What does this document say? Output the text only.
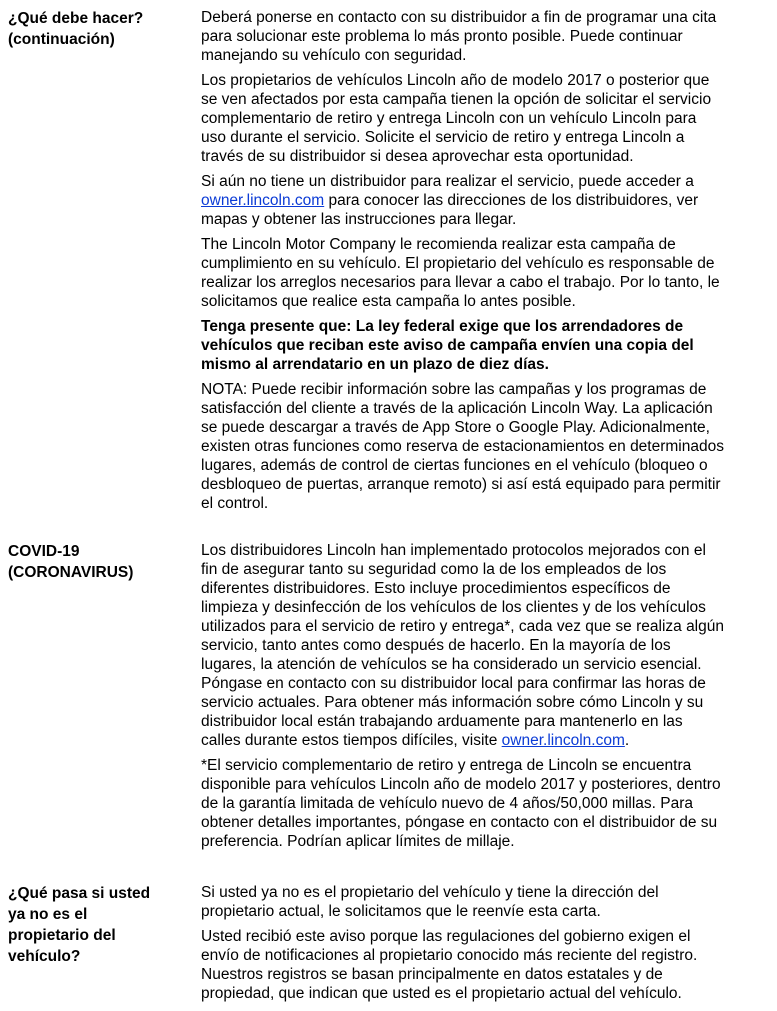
¿Qué debe hacer?
(continuación)

Deberá ponerse en contacto con su distribuidor a fin de programar una cita
para solucionar este problema lo más pronto posible. Puede continuar
manejando su vehículo con seguridad.

Los propietarios de vehículos Lincoln año de modelo 2017 o posterior que
se ven afectados por esta campaña tienen la opción de solicitar el servicio
complementario de retiro y entrega Lincoln con un vehículo Lincoln para
uso durante el servicio. Solicite el servicio de retiro y entrega Lincoln a
través de su distribuidor si desea aprovechar esta oportunidad.

Si aún no tiene un distribuidor para realizar el servicio, puede acceder a
owner.lincoln.com para conocer las direcciones de los distribuidores, ver
mapas y obtener las instrucciones para llegar.

The Lincoln Motor Company le recomienda realizar esta campaña de
cumplimiento en su vehículo. El propietario del vehículo es responsable de
realizar los arreglos necesarios para llevar a cabo el trabajo. Por lo tanto, le
solicitamos que realice esta campaña lo antes posible.

Tenga presente que: La ley federal exige que los arrendadores de
vehículos que reciban este aviso de campaña envíen una copia del
mismo al arrendatario en un plazo de diez días.

NOTA: Puede recibir información sobre las campañas y los programas de
satisfacción del cliente a través de la aplicación Lincoln Way. La aplicación
se puede descargar a través de App Store o Google Play. Adicionalmente,
existen otras funciones como reserva de estacionamientos en determinados
lugares, además de control de ciertas funciones en el vehículo (bloqueo o
desbloqueo de puertas, arranque remoto) si así está equipado para permitir
el control.

COVID-19
(CORONAVIRUS)

Los distribuidores Lincoln han implementado protocolos mejorados con el
fin de asegurar tanto su seguridad como la de los empleados de los
diferentes distribuidores. Esto incluye procedimientos específicos de
limpieza y desinfección de los vehículos de los clientes y de los vehículos
utilizados para el servicio de retiro y entrega*, cada vez que se realiza algún
servicio, tanto antes como después de hacerlo. En la mayoría de los
lugares, la atención de vehículos se ha considerado un servicio esencial.
Póngase en contacto con su distribuidor local para confirmar las horas de
servicio actuales. Para obtener más información sobre cómo Lincoln y su
distribuidor local están trabajando arduamente para mantenerlo en las
calles durante estos tiempos difíciles, visite owner.lincoln.com.

*El servicio complementario de retiro y entrega de Lincoln se encuentra
disponible para vehículos Lincoln año de modelo 2017 y posteriores, dentro
de la garantía limitada de vehículo nuevo de 4 años/50,000 millas. Para
obtener detalles importantes, póngase en contacto con el distribuidor de su
preferencia. Podrían aplicar límites de millaje.

¿Qué pasa si usted
ya no es el
propietario del
vehículo?

Si usted ya no es el propietario del vehículo y tiene la dirección del
propietario actual, le solicitamos que le reenvíe esta carta.

Usted recibió este aviso porque las regulaciones del gobierno exigen el
envío de notificaciones al propietario conocido más reciente del registro.
Nuestros registros se basan principalmente en datos estatales y de
propiedad, que indican que usted es el propietario actual del vehículo.
